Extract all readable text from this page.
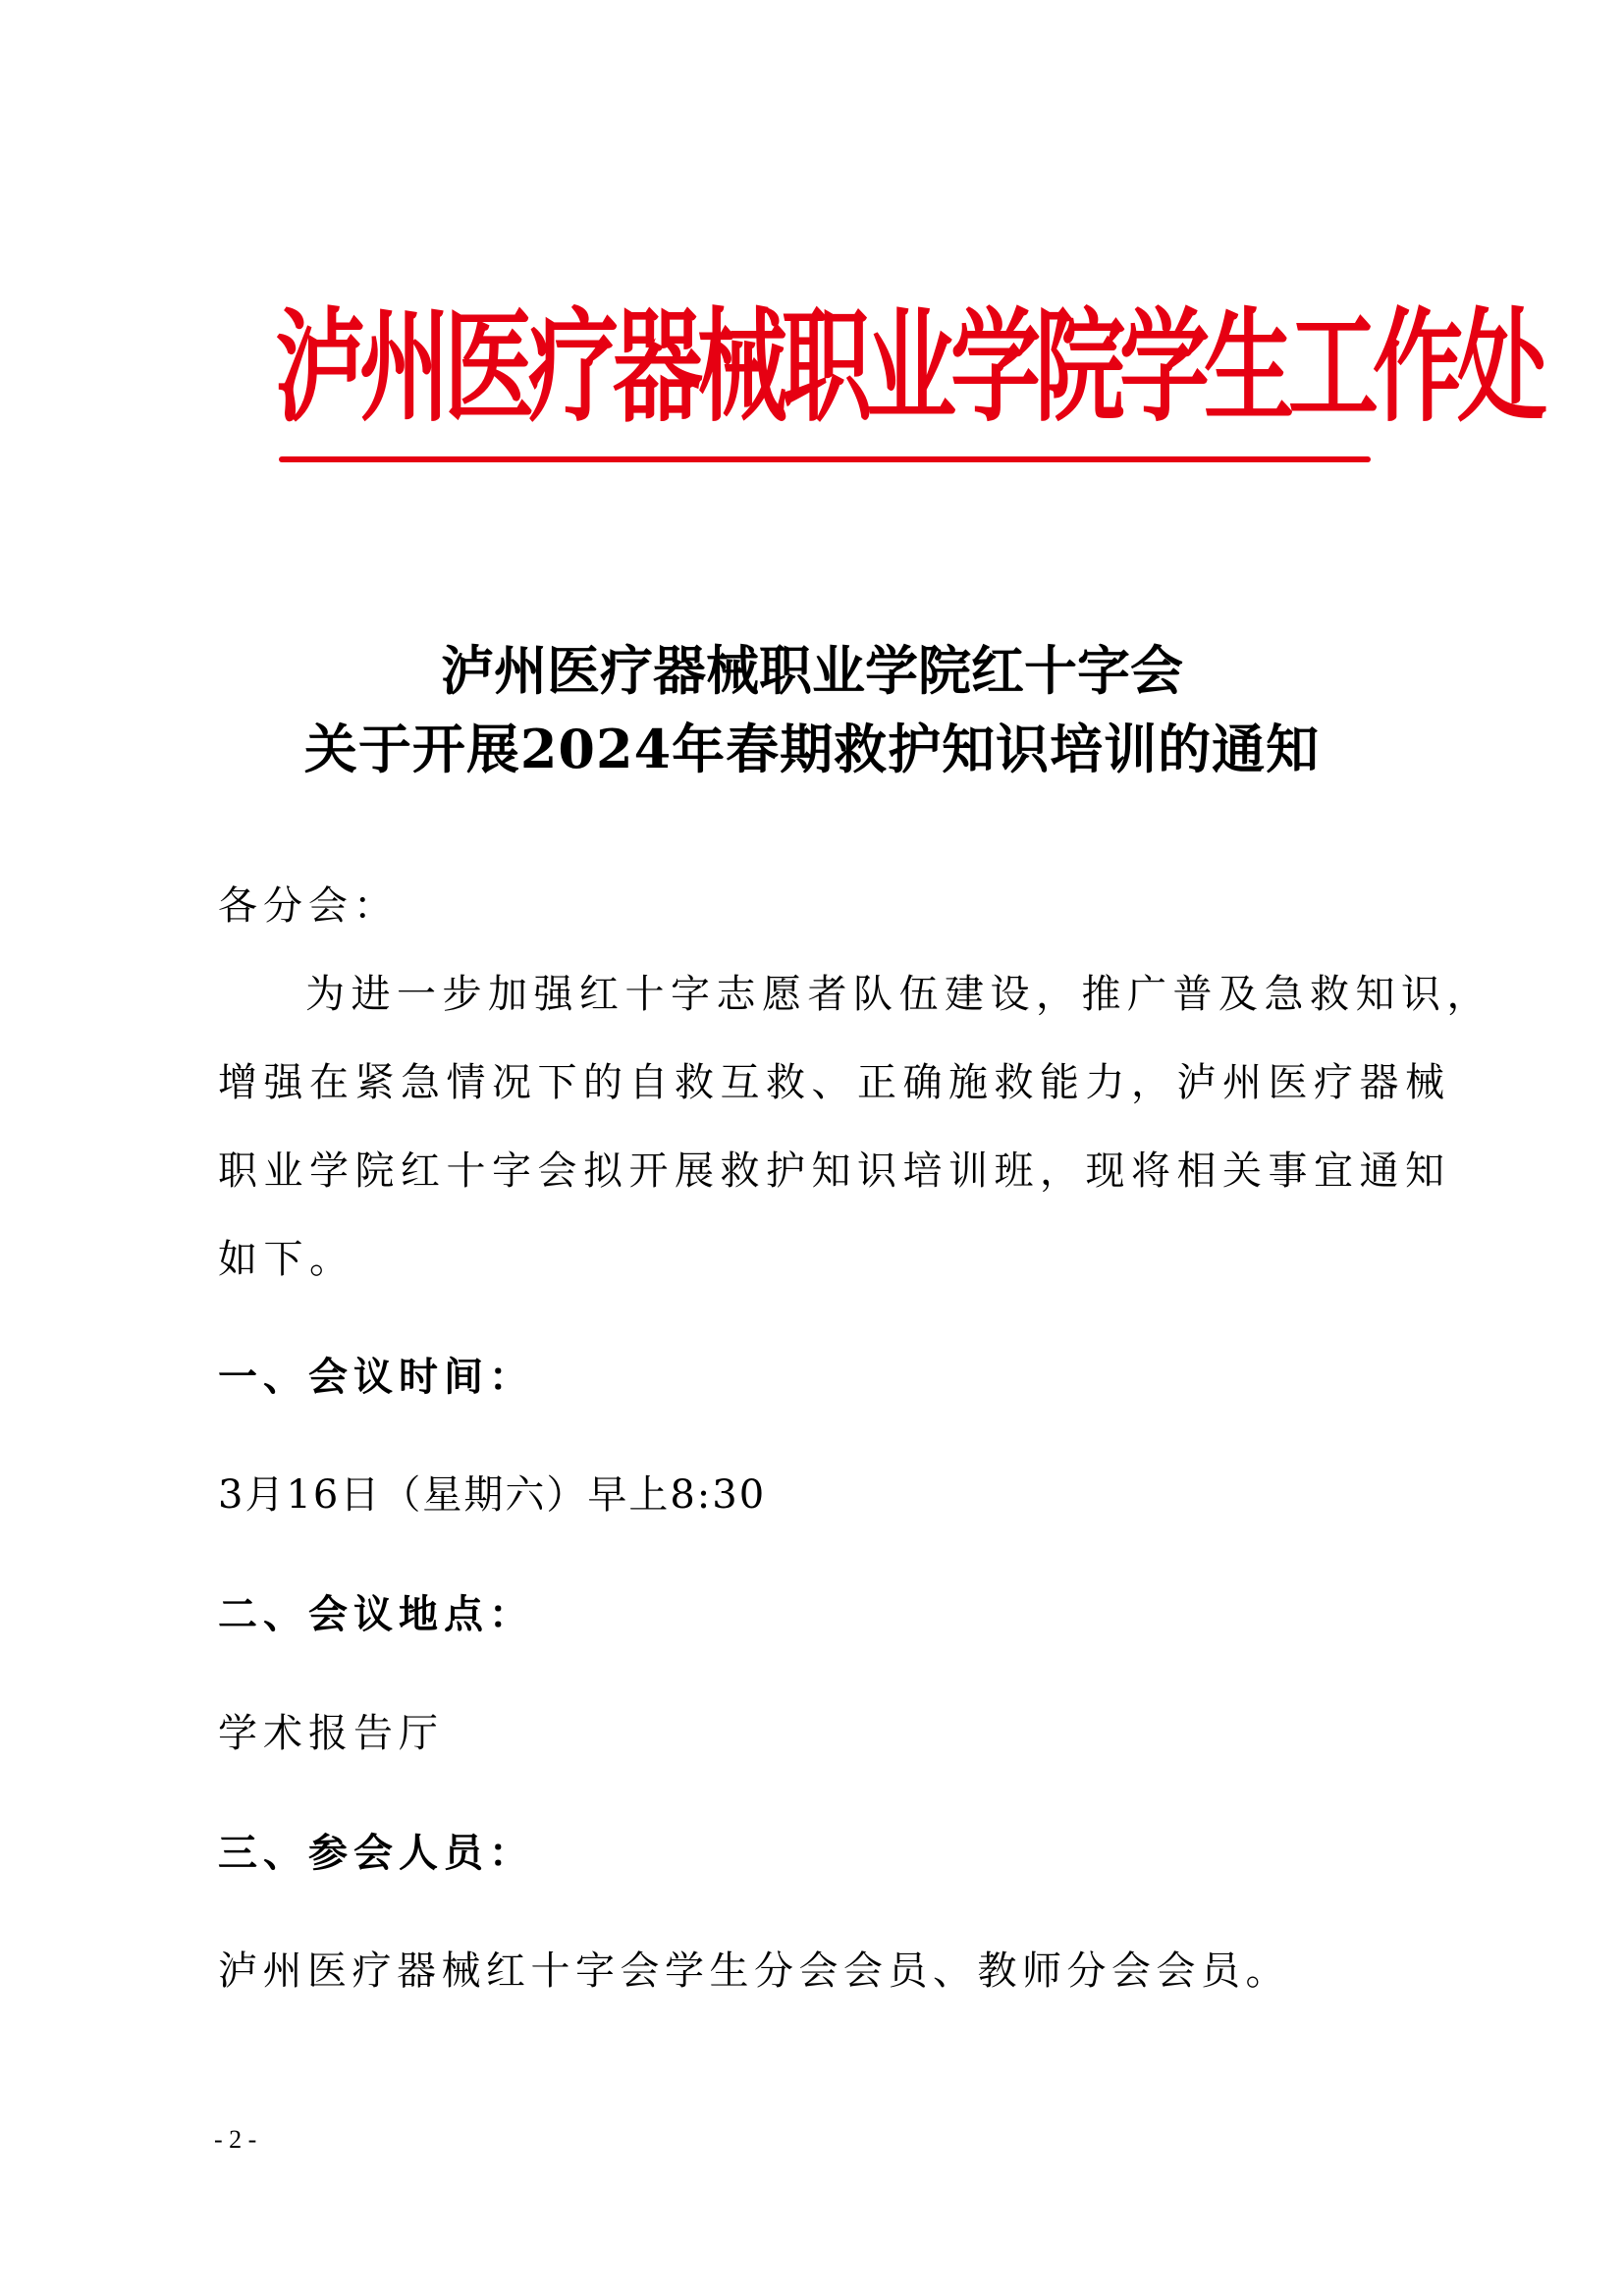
泸州医疗器械职业学院学生工作处
泸州医疗器械职业学院红十字会
关于开展2024年春期救护知识培训的通知
各分会：
为进一步加强红十字志愿者队伍建设，推广普及急救知识，
增强在紧急情况下的自救互救、正确施救能力，泸州医疗器械
职业学院红十字会拟开展救护知识培训班，现将相关事宜通知
如下。
一、会议时间：
3月16日（星期六）早上8:30
二、会议地点：
学术报告厅
三、参会人员：
泸州医疗器械红十字会学生分会会员、教师分会会员。
- 2 -
